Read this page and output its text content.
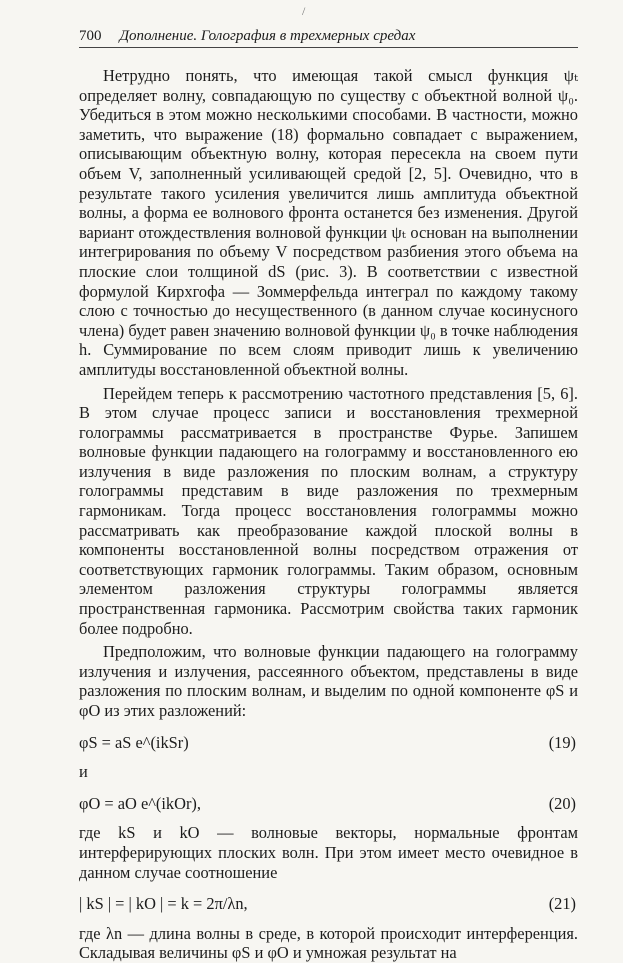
/
700 Дополнение. Голография в трехмерных средах

Нетрудно понять, что имеющая такой смысл функция ψₜ определяет волну, совпадающую по существу с объектной волной ψ₀. Убедиться в этом можно несколькими способами. В частности, можно заметить, что выражение (18) формально совпадает с выражением, описывающим объектную волну, которая пересекла на своем пути объем V, заполненный усиливающей средой [2, 5]. Очевидно, что в результате такого усиления увеличится лишь амплитуда объектной волны, а форма ее волнового фронта останется без изменения. Другой вариант отождествления волновой функции ψₜ основан на выполнении интегрирования по объему V посредством разбиения этого объема на плоские слои толщиной dS (рис. 3). В соответствии с известной формулой Кирхгофа — Зоммерфельда интеграл по каждому такому слою с точностью до несущественного (в данном случае косинусного члена) будет равен значению волновой функции ψ₀ в точке наблюдения h. Суммирование по всем слоям приводит лишь к увеличению амплитуды восстановленной объектной волны.

Перейдем теперь к рассмотрению частотного представления [5, 6]. В этом случае процесс записи и восстановления трехмерной голограммы рассматривается в пространстве Фурье. Запишем волновые функции падающего на голограмму и восстановленного ею излучения в виде разложения по плоским волнам, а структуру голограммы представим в виде разложения по трехмерным гармоникам. Тогда процесс восстановления голограммы можно рассматривать как преобразование каждой плоской волны в компоненты восстановленной волны посредством отражения от соответствующих гармоник голограммы. Таким образом, основным элементом разложения структуры голограммы является пространственная гармоника. Рассмотрим свойства таких гармоник более подробно.

Предположим, что волновые функции падающего на голограмму излучения и излучения, рассеянного объектом, представлены в виде разложения по плоским волнам, и выделим по одной компоненте φS и φO из этих разложений:

φS = aS e^(ikSr)	(19)

и

φO = aO e^(ikOr),	(20)

где kS и kO — волновые векторы, нормальные фронтам интерферирующих плоских волн. При этом имеет место очевидное в данном случае соотношение

| kS | = | kO | = k = 2π/λn,	(21)

где λn — длина волны в среде, в которой происходит интерференция. Складывая величины φS и φO и умножая результат на
